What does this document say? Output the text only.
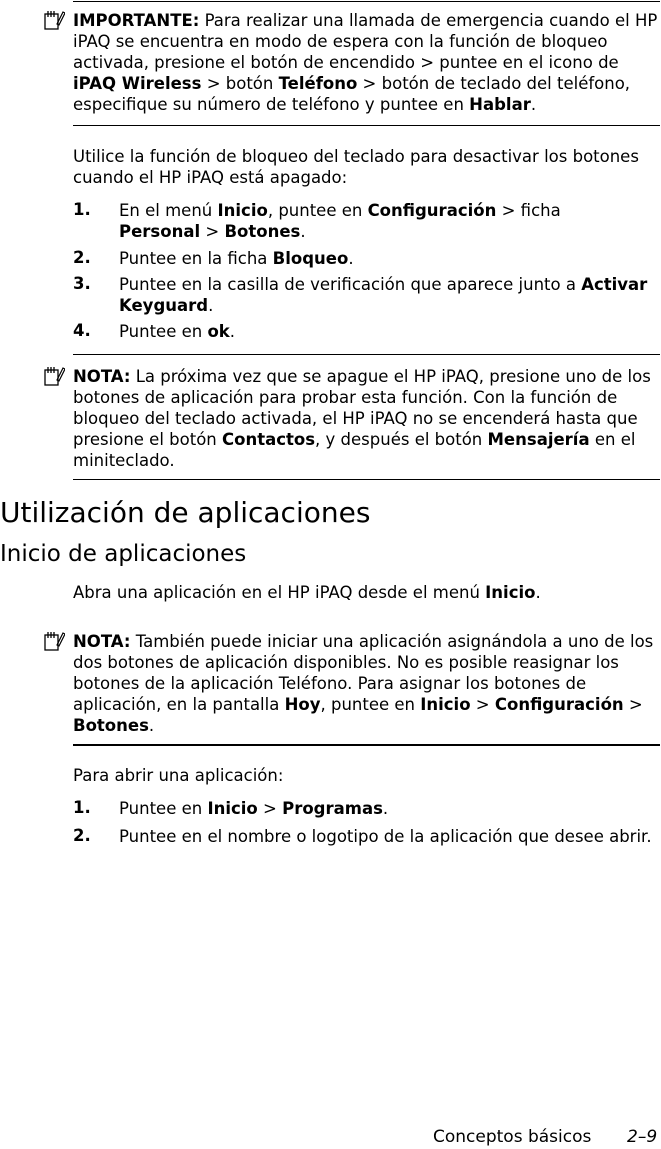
IMPORTANTE: Para realizar una llamada de emergencia cuando el HP iPAQ se encuentra en modo de espera con la función de bloqueo activada, presione el botón de encendido > puntee en el icono de iPAQ Wireless > botón Teléfono > botón de teclado del teléfono, especifique su número de teléfono y puntee en Hablar.
Utilice la función de bloqueo del teclado para desactivar los botones cuando el HP iPAQ está apagado:
1. En el menú Inicio, puntee en Configuración > ficha Personal > Botones.
2. Puntee en la ficha Bloqueo.
3. Puntee en la casilla de verificación que aparece junto a Activar Keyguard.
4. Puntee en ok.
NOTA: La próxima vez que se apague el HP iPAQ, presione uno de los botones de aplicación para probar esta función. Con la función de bloqueo del teclado activada, el HP iPAQ no se encenderá hasta que presione el botón Contactos, y después el botón Mensajería en el miniteclado.
Utilización de aplicaciones
Inicio de aplicaciones
Abra una aplicación en el HP iPAQ desde el menú Inicio.
NOTA: También puede iniciar una aplicación asignándola a uno de los dos botones de aplicación disponibles. No es posible reasignar los botones de la aplicación Teléfono. Para asignar los botones de aplicación, en la pantalla Hoy, puntee en Inicio > Configuración > Botones.
Para abrir una aplicación:
1. Puntee en Inicio > Programas.
2. Puntee en el nombre o logotipo de la aplicación que desee abrir.
Conceptos básicos 2–9
